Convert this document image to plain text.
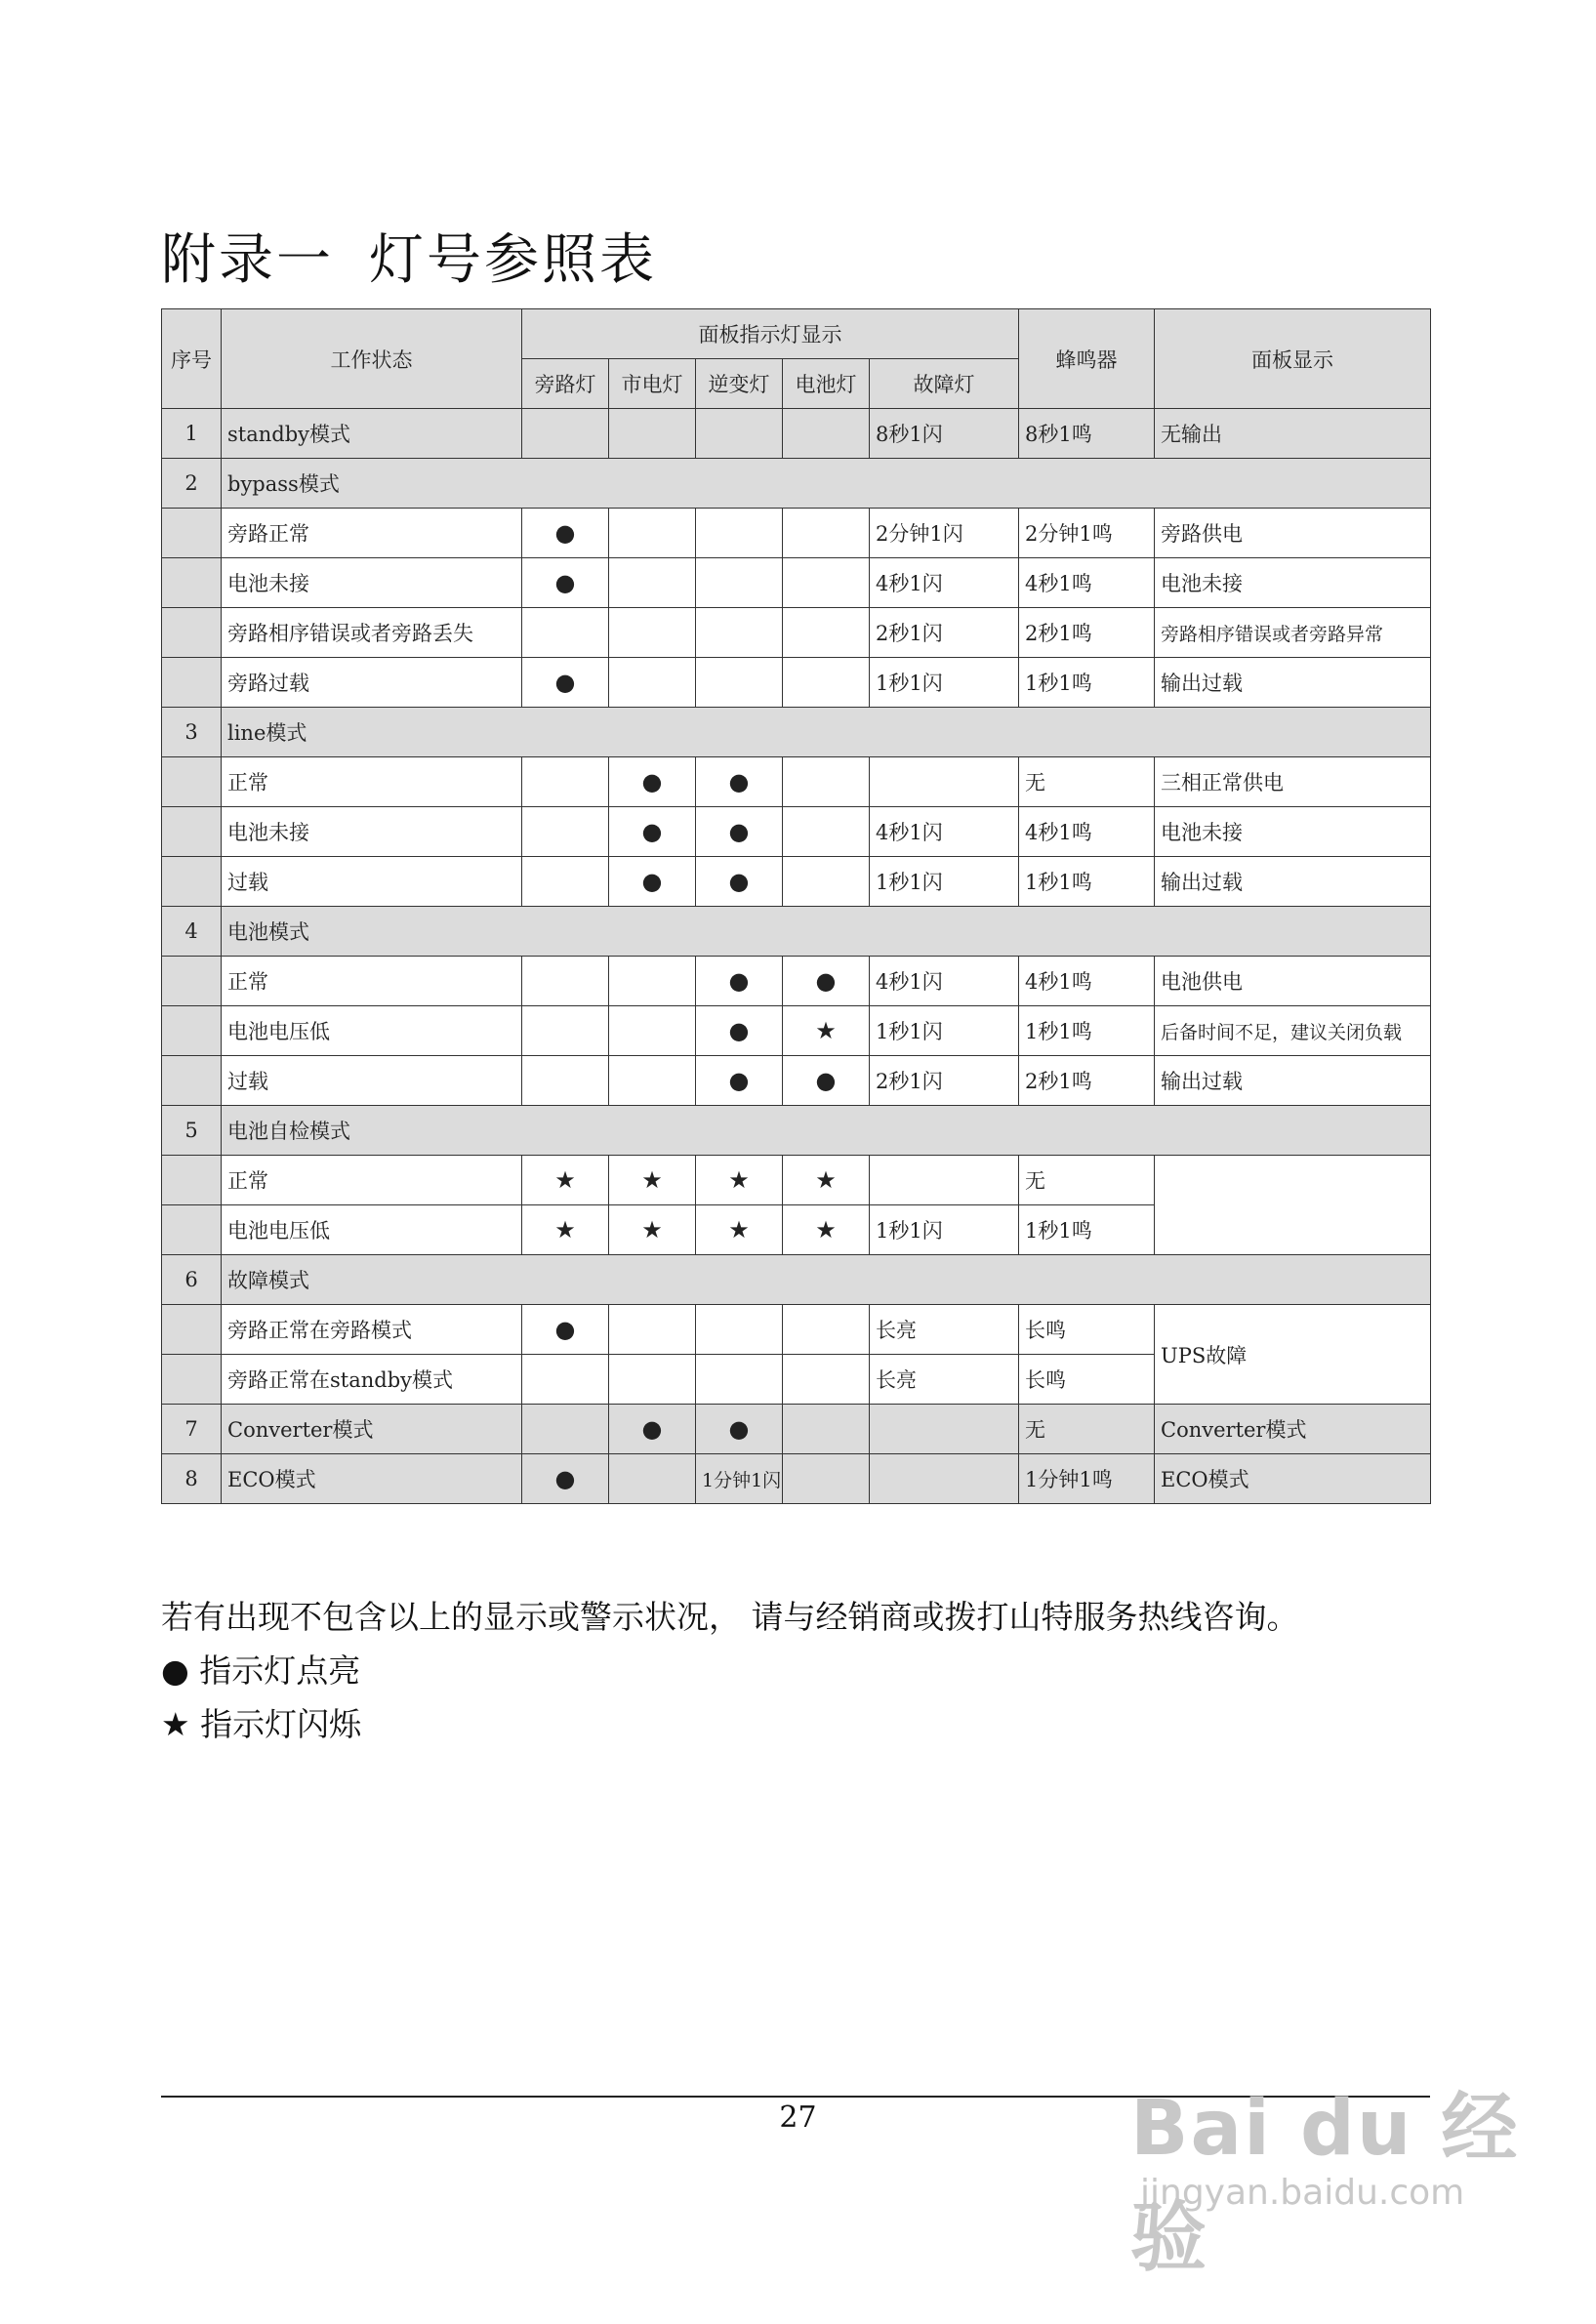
附录一 灯号参照表
序号	工作状态	面板指示灯显示					蜂鸣器	面板显示
		旁路灯	市电灯	逆变灯	电池灯	故障灯		
1	standby模式					8秒1闪	8秒1鸣	无输出
2	bypass模式							
	旁路正常	●				2分钟1闪	2分钟1鸣	旁路供电
	电池未接	●				4秒1闪	4秒1鸣	电池未接
	旁路相序错误或者旁路丢失					2秒1闪	2秒1鸣	旁路相序错误或者旁路异常
	旁路过载	●				1秒1闪	1秒1鸣	输出过载
3	line模式							
	正常		●	●			无	三相正常供电
	电池未接		●	●		4秒1闪	4秒1鸣	电池未接
	过载		●	●		1秒1闪	1秒1鸣	输出过载
4	电池模式							
	正常			●	●	4秒1闪	4秒1鸣	电池供电
	电池电压低			●	★	1秒1闪	1秒1鸣	后备时间不足，建议关闭负载
	过载			●	●	2秒1闪	2秒1鸣	输出过载
5	电池自检模式							
	正常	★	★	★	★		无	
	电池电压低	★	★	★	★	1秒1闪	1秒1鸣	
6	故障模式							
	旁路正常在旁路模式	●				长亮	长鸣	UPS故障
	旁路正常在standby模式					长亮	长鸣	
7	Converter模式		●	●			无	Converter模式
8	ECO模式	●		1分钟1闪			1分钟1鸣	ECO模式
若有出现不包含以上的显示或警示状况， 请与经销商或拨打山特服务热线咨询。
● 指示灯点亮
★ 指示灯闪烁
27	Bai du 经验
jingyan.baidu.com
